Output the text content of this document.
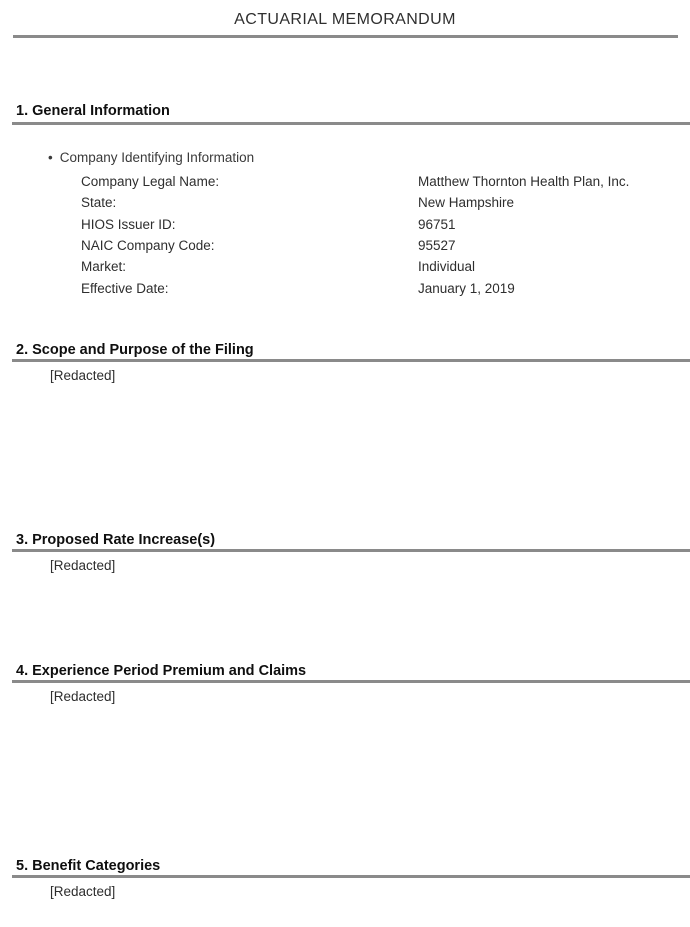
ACTUARIAL MEMORANDUM
1. General Information
• Company Identifying Information
Company Legal Name:	Matthew Thornton Health Plan, Inc.
State:	New Hampshire
HIOS Issuer ID:	96751
NAIC Company Code:	95527
Market:	Individual
Effective Date:	January 1, 2019
2. Scope and Purpose of the Filing
[Redacted]
3. Proposed Rate Increase(s)
[Redacted]
4. Experience Period Premium and Claims
[Redacted]
5. Benefit Categories
[Redacted]
